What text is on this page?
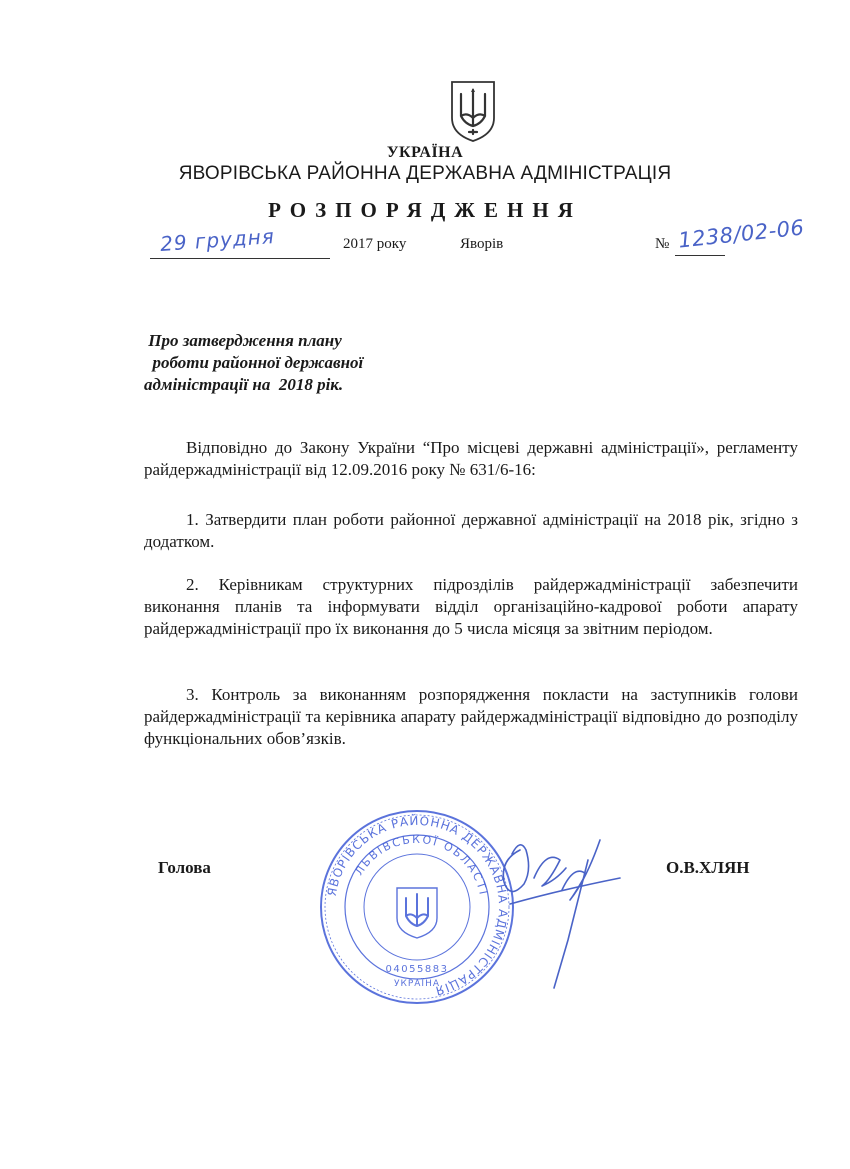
УКРАЇНА
ЯВОРІВСЬКА РАЙОННА ДЕРЖАВНА АДМІНІСТРАЦІЯ
РОЗПОРЯДЖЕННЯ
29 грудня	2017 року	Яворів	№ 1238/02-06
Про затвердження плану
роботи районної державної
адміністрації на  2018 рік.
Відповідно до Закону України “Про місцеві державні адміністрації», регламенту райдержадміністрації від 12.09.2016 року № 631/6-16:
1. Затвердити план роботи районної державної адміністрації на 2018 рік, згідно з додатком.
2. Керівникам структурних підрозділів райдержадміністрації забезпечити виконання планів та інформувати відділ організаційно-кадрової роботи апарату райдержадміністрації про їх виконання до 5 числа місяця за звітним періодом.
3. Контроль за виконанням розпорядження покласти на заступників голови райдержадміністрації та керівника апарату райдержадміністрації відповідно до розподілу функціональних обов’язків.
Голова	О.В.ХЛЯН
ЯВОРІВСЬКА РАЙОННА ДЕРЖАВНА АДМІНІСТРАЦІЯ
ЛЬВІВСЬКОЇ ОБЛАСТІ
04055883
УКРАЇНА
